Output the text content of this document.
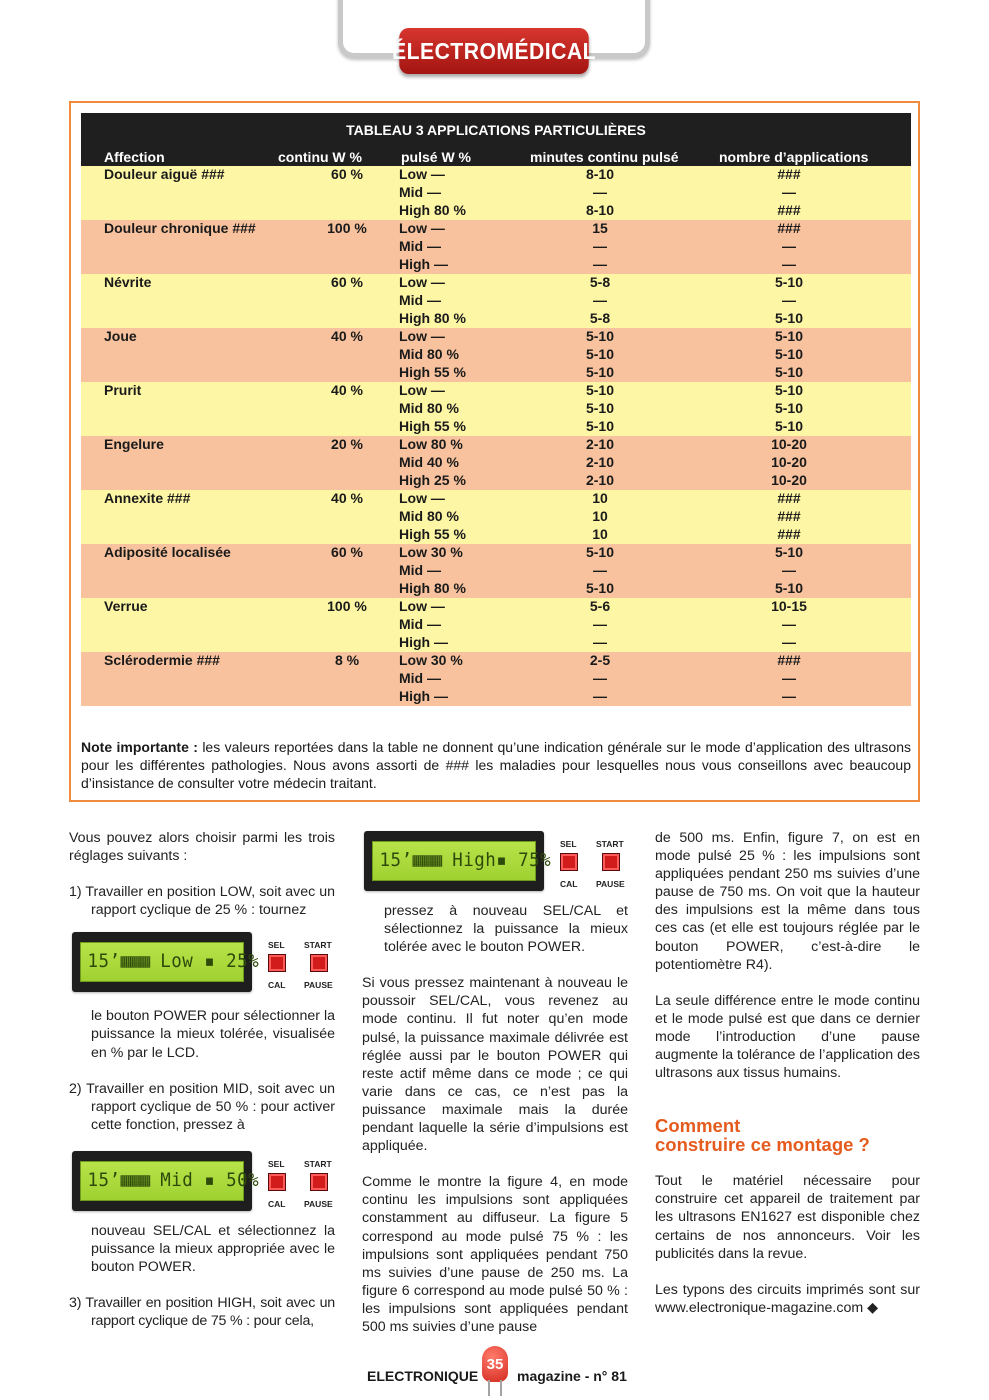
ÉLECTROMÉDICAL
TABLEAU 3 APPLICATIONS PARTICULIÈRES
Affection	continu W %	pulsé W %	minutes continu pulsé	nombre d’applications
Douleur aiguë ###	60 %	Low —	8-10	###
Mid —	—	—
High 80 %	8-10	###
Douleur chronique ###	100 %	Low —	15	###
Mid —	—	—
High —	—	—
Névrite	60 %	Low —	5-8	5-10
Mid —	—	—
High 80 %	5-8	5-10
Joue	40 %	Low —	5-10	5-10
Mid 80 %	5-10	5-10
High 55 %	5-10	5-10
Prurit	40 %	Low —	5-10	5-10
Mid 80 %	5-10	5-10
High 55 %	5-10	5-10
Engelure	20 %	Low 80 %	2-10	10-20
Mid 40 %	2-10	10-20
High 25 %	2-10	10-20
Annexite ###	40 %	Low —	10	###
Mid 80 %	10	###
High 55 %	10	###
Adiposité localisée	60 %	Low 30 %	5-10	5-10
Mid —	—	—
High 80 %	5-10	5-10
Verrue	100 %	Low —	5-6	10-15
Mid —	—	—
High —	—	—
Sclérodermie ###	8 %	Low 30 %	2-5	###
Mid —	—	—
High —	—	—

Note importante : les valeurs reportées dans la table ne donnent qu’une indication générale sur le mode d’application des ultrasons pour les différentes pathologies. Nous avons assorti de ### les maladies pour lesquelles nous vous conseillons avec beaucoup d’insistance de consulter votre médecin traitant.

Vous pouvez alors choisir parmi les trois réglages suivants :

1) Travailler en position LOW, soit avec un rapport cyclique de 25 % : tournez

le bouton POWER pour sélectionner la puissance la mieux tolérée, visualisée en % par le LCD.

2) Travailler en position MID, soit avec un rapport cyclique de 50 % : pour activer cette fonction, pressez à

nouveau SEL/CAL et sélectionnez la puissance la mieux appropriée avec le bouton POWER.

3) Travailler en position HIGH, soit avec un rapport cyclique de 75 % : pour cela,

15’▦▦▦ Low ▪ 25%
SEL START
CAL PAUSE
15’▦▦▦ Mid ▪ 50%
SEL START
CAL PAUSE
15’▦▦▦ High▪ 75%
SEL START
CAL PAUSE

pressez à nouveau SEL/CAL et sélectionnez la puissance la mieux tolérée avec le bouton POWER.

Si vous pressez maintenant à nouveau le poussoir SEL/CAL, vous revenez au mode continu. Il fut noter qu’en mode pulsé, la puissance maximale délivrée est réglée aussi par le bouton POWER qui reste actif même dans ce mode ; ce qui varie dans ce cas, ce n’est pas la puissance maximale mais la durée pendant laquelle la série d’impulsions est appliquée.

Comme le montre la figure 4, en mode continu les impulsions sont appliquées constamment au diffuseur. La figure 5 correspond au mode pulsé 75 % : les impulsions sont appliquées pendant 750 ms suivies d’une pause de 250 ms. La figure 6 correspond au mode pulsé 50 % : les impulsions sont appliquées pendant 500 ms suivies d’une pause

de 500 ms. Enfin, figure 7, on est en mode pulsé 25 % : les impulsions sont appliquées pendant 250 ms suivies d’une pause de 750 ms. On voit que la hauteur des impulsions est la même dans tous ces cas (et elle est toujours réglée par le bouton POWER, c’est-à-dire le potentiomètre R4).

La seule différence entre le mode continu et le mode pulsé est que dans ce dernier mode l’introduction d’une pause augmente la tolérance de l’application des ultrasons aux tissus humains.

Comment
construire ce montage ?

Tout le matériel nécessaire pour construire cet appareil de traitement par les ultrasons EN1627 est disponible chez certains de nos annonceurs. Voir les publicités dans la revue.

Les typons des circuits imprimés sont sur www.electronique-magazine.com ◆

ELECTRONIQUE
35
magazine - n° 81
